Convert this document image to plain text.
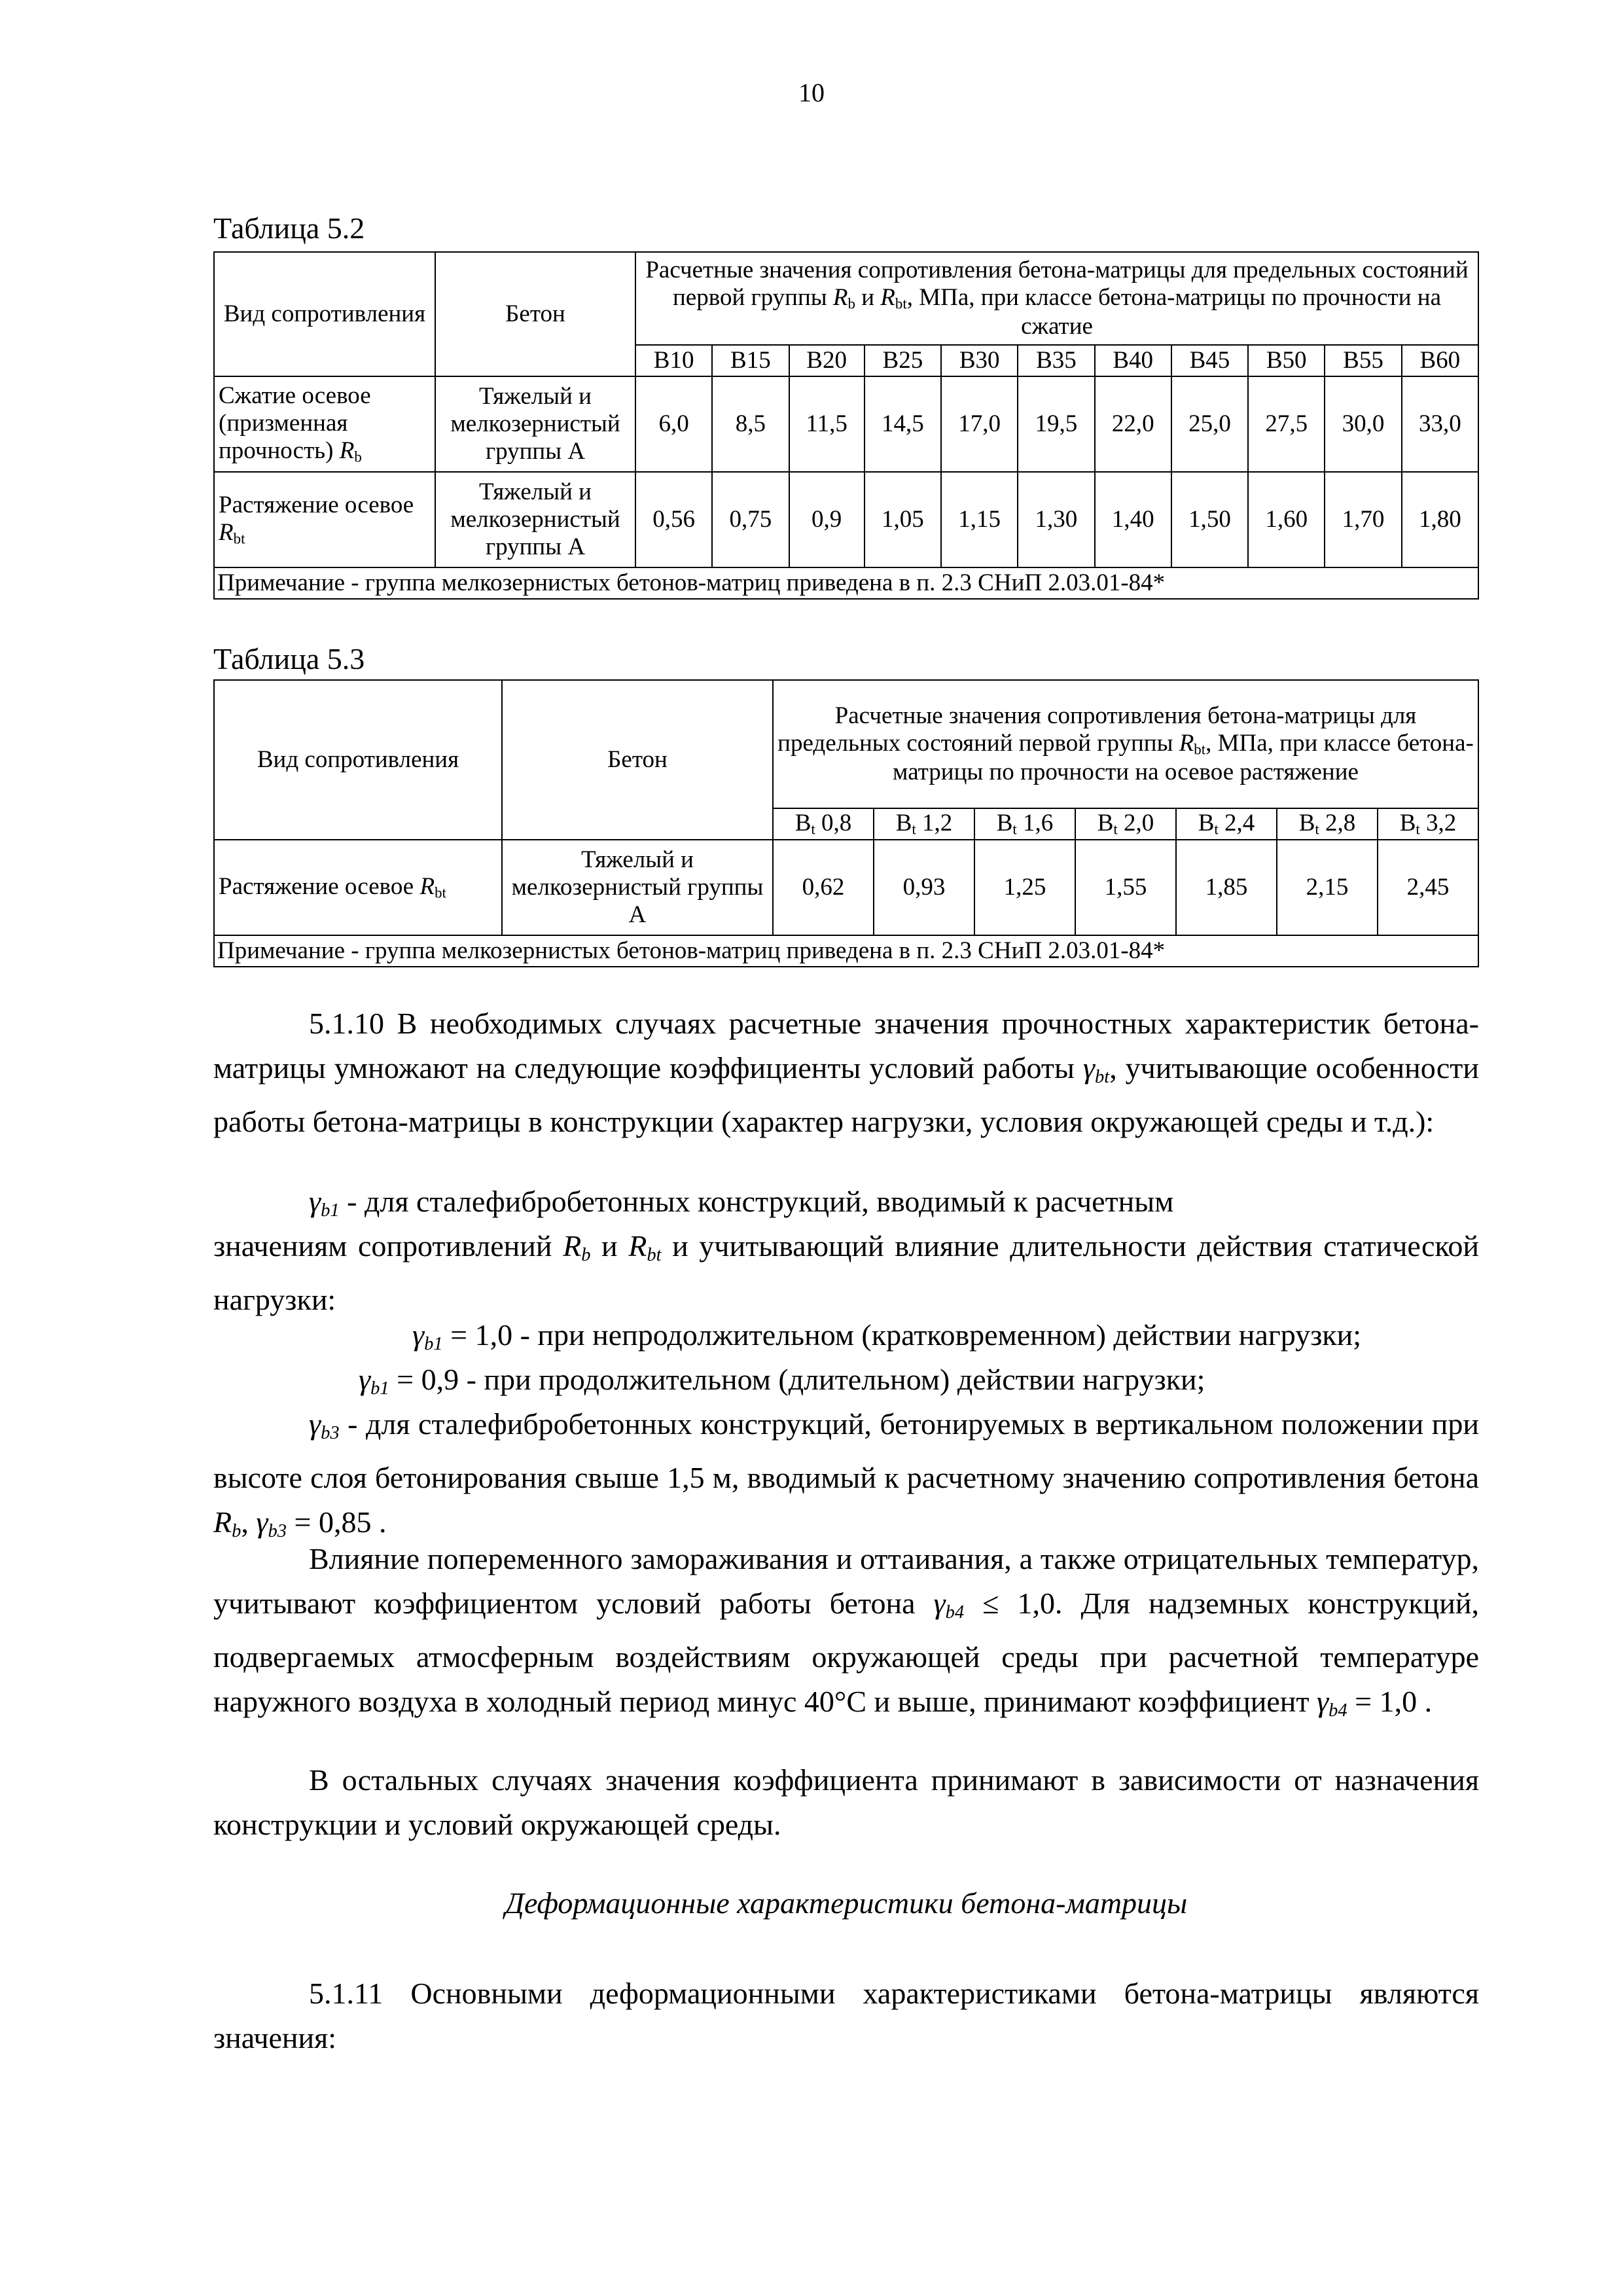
10
Таблица 5.2
Вид сопротивления	Бетон	Расчетные значения сопротивления бетона-матрицы для предельных состояний первой группы $R_b$ и $R_{bt}$, МПа, при классе бетона-матрицы по прочности на сжатие										
		B10	B15	B20	B25	B30	B35	B40	B45	B50	B55	B60
Сжатие осевое (призменная прочность) $R_b$	Тяжелый и мелкозернистый группы А	6,0	8,5	11,5	14,5	17,0	19,5	22,0	25,0	27,5	30,0	33,0
Растяжение осевое $R_{bt}$	Тяжелый и мелкозернистый группы А	0,56	0,75	0,9	1,05	1,15	1,30	1,40	1,50	1,60	1,70	1,80
Примечание - группа мелкозернистых бетонов-матриц приведена в п. 2.3 СНиП 2.03.01-84*												
Таблица 5.3
Вид сопротивления	Бетон	Расчетные значения сопротивления бетона-матрицы для предельных состояний первой группы $R_{bt}$, МПа, при классе бетона-матрицы по прочности на осевое растяжение						
		$B_t$ 0,8	$B_t$ 1,2	$B_t$ 1,6	$B_t$ 2,0	$B_t$ 2,4	$B_t$ 2,8	$B_t$ 3,2
Растяжение осевое $R_{bt}$	Тяжелый и мелкозернистый группы А	0,62	0,93	1,25	1,55	1,85	2,15	2,45
Примечание - группа мелкозернистых бетонов-матриц приведена в п. 2.3 СНиП 2.03.01-84*								
5.1.10 В необходимых случаях расчетные значения прочностных характеристик бетона-матрицы умножают на следующие коэффициенты условий работы $\gamma_{bt}$, учитывающие особенности работы бетона-матрицы в конструкции (характер нагрузки, условия окружающей среды и т.д.):
$\gamma_{b1}$ - для сталефибробетонных конструкций, вводимый к расчетным
значениям сопротивлений $R_b$ и $R_{bt}$ и учитывающий влияние длительности действия статической нагрузки:
$\gamma_{b1} = 1,0$ - при непродолжительном (кратковременном) действии нагрузки;
$\gamma_{b1} = 0,9$ - при продолжительном (длительном) действии нагрузки;
$\gamma_{b3}$ - для сталефибробетонных конструкций, бетонируемых в вертикальном положении при высоте слоя бетонирования свыше 1,5 м, вводимый к расчетному значению сопротивления бетона $R_b$, $\gamma_{b3} = 0,85$ .
Влияние попеременного замораживания и оттаивания, а также отрицательных температур, учитывают коэффициентом условий работы бетона $\gamma_{b4} \le 1,0$. Для надземных конструкций, подвергаемых атмосферным воздействиям окружающей среды при расчетной температуре наружного воздуха в холодный период минус 40°С и выше, принимают коэффициент $\gamma_{b4} = 1,0$ .
В остальных случаях значения коэффициента принимают в зависимости от назначения конструкции и условий окружающей среды.
Деформационные характеристики бетона-матрицы
5.1.11 Основными деформационными характеристиками бетона-матрицы являются значения:
